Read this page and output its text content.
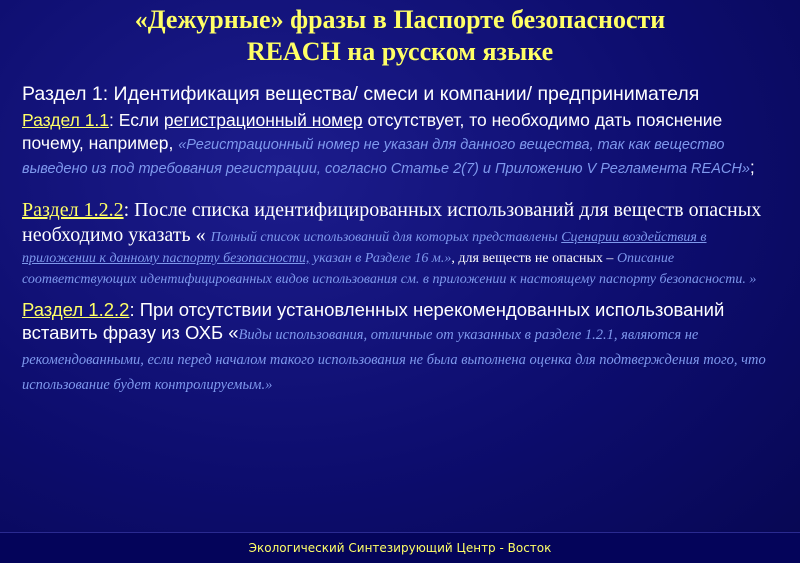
«Дежурные» фразы в Паспорте безопасности
REACH на русском языке

Раздел 1: Идентификация вещества/ смеси и компании/ предпринимателя

Раздел 1.1: Если регистрационный номер отсутствует, то необходимо дать пояснение почему, например, «Регистрационный номер не указан для данного вещества, так как вещество выведено из под требования регистрации, согласно Статье 2(7) и Приложению V Регламента REACH»;

Раздел 1.2.2: После списка идентифицированных использований для веществ опасных необходимо указать « Полный список использований для которых представлены Сценарии воздействия в приложении к данному паспорту безопасности, указан в Разделе 16 м.», для веществ не опасных – Описание соответствующих идентифицированных видов использования см. в приложении к настоящему паспорту безопасности. »

Раздел 1.2.2: При отсутствии установленных нерекомендованных использований вставить фразу из ОХБ «Виды использования, отличные от указанных в разделе 1.2.1, являются не рекомендованными, если перед началом такого использования не была выполнена оценка для подтверждения того, что использование будет контролируемым.»

Экологический Синтезирующий Центр - Восток
